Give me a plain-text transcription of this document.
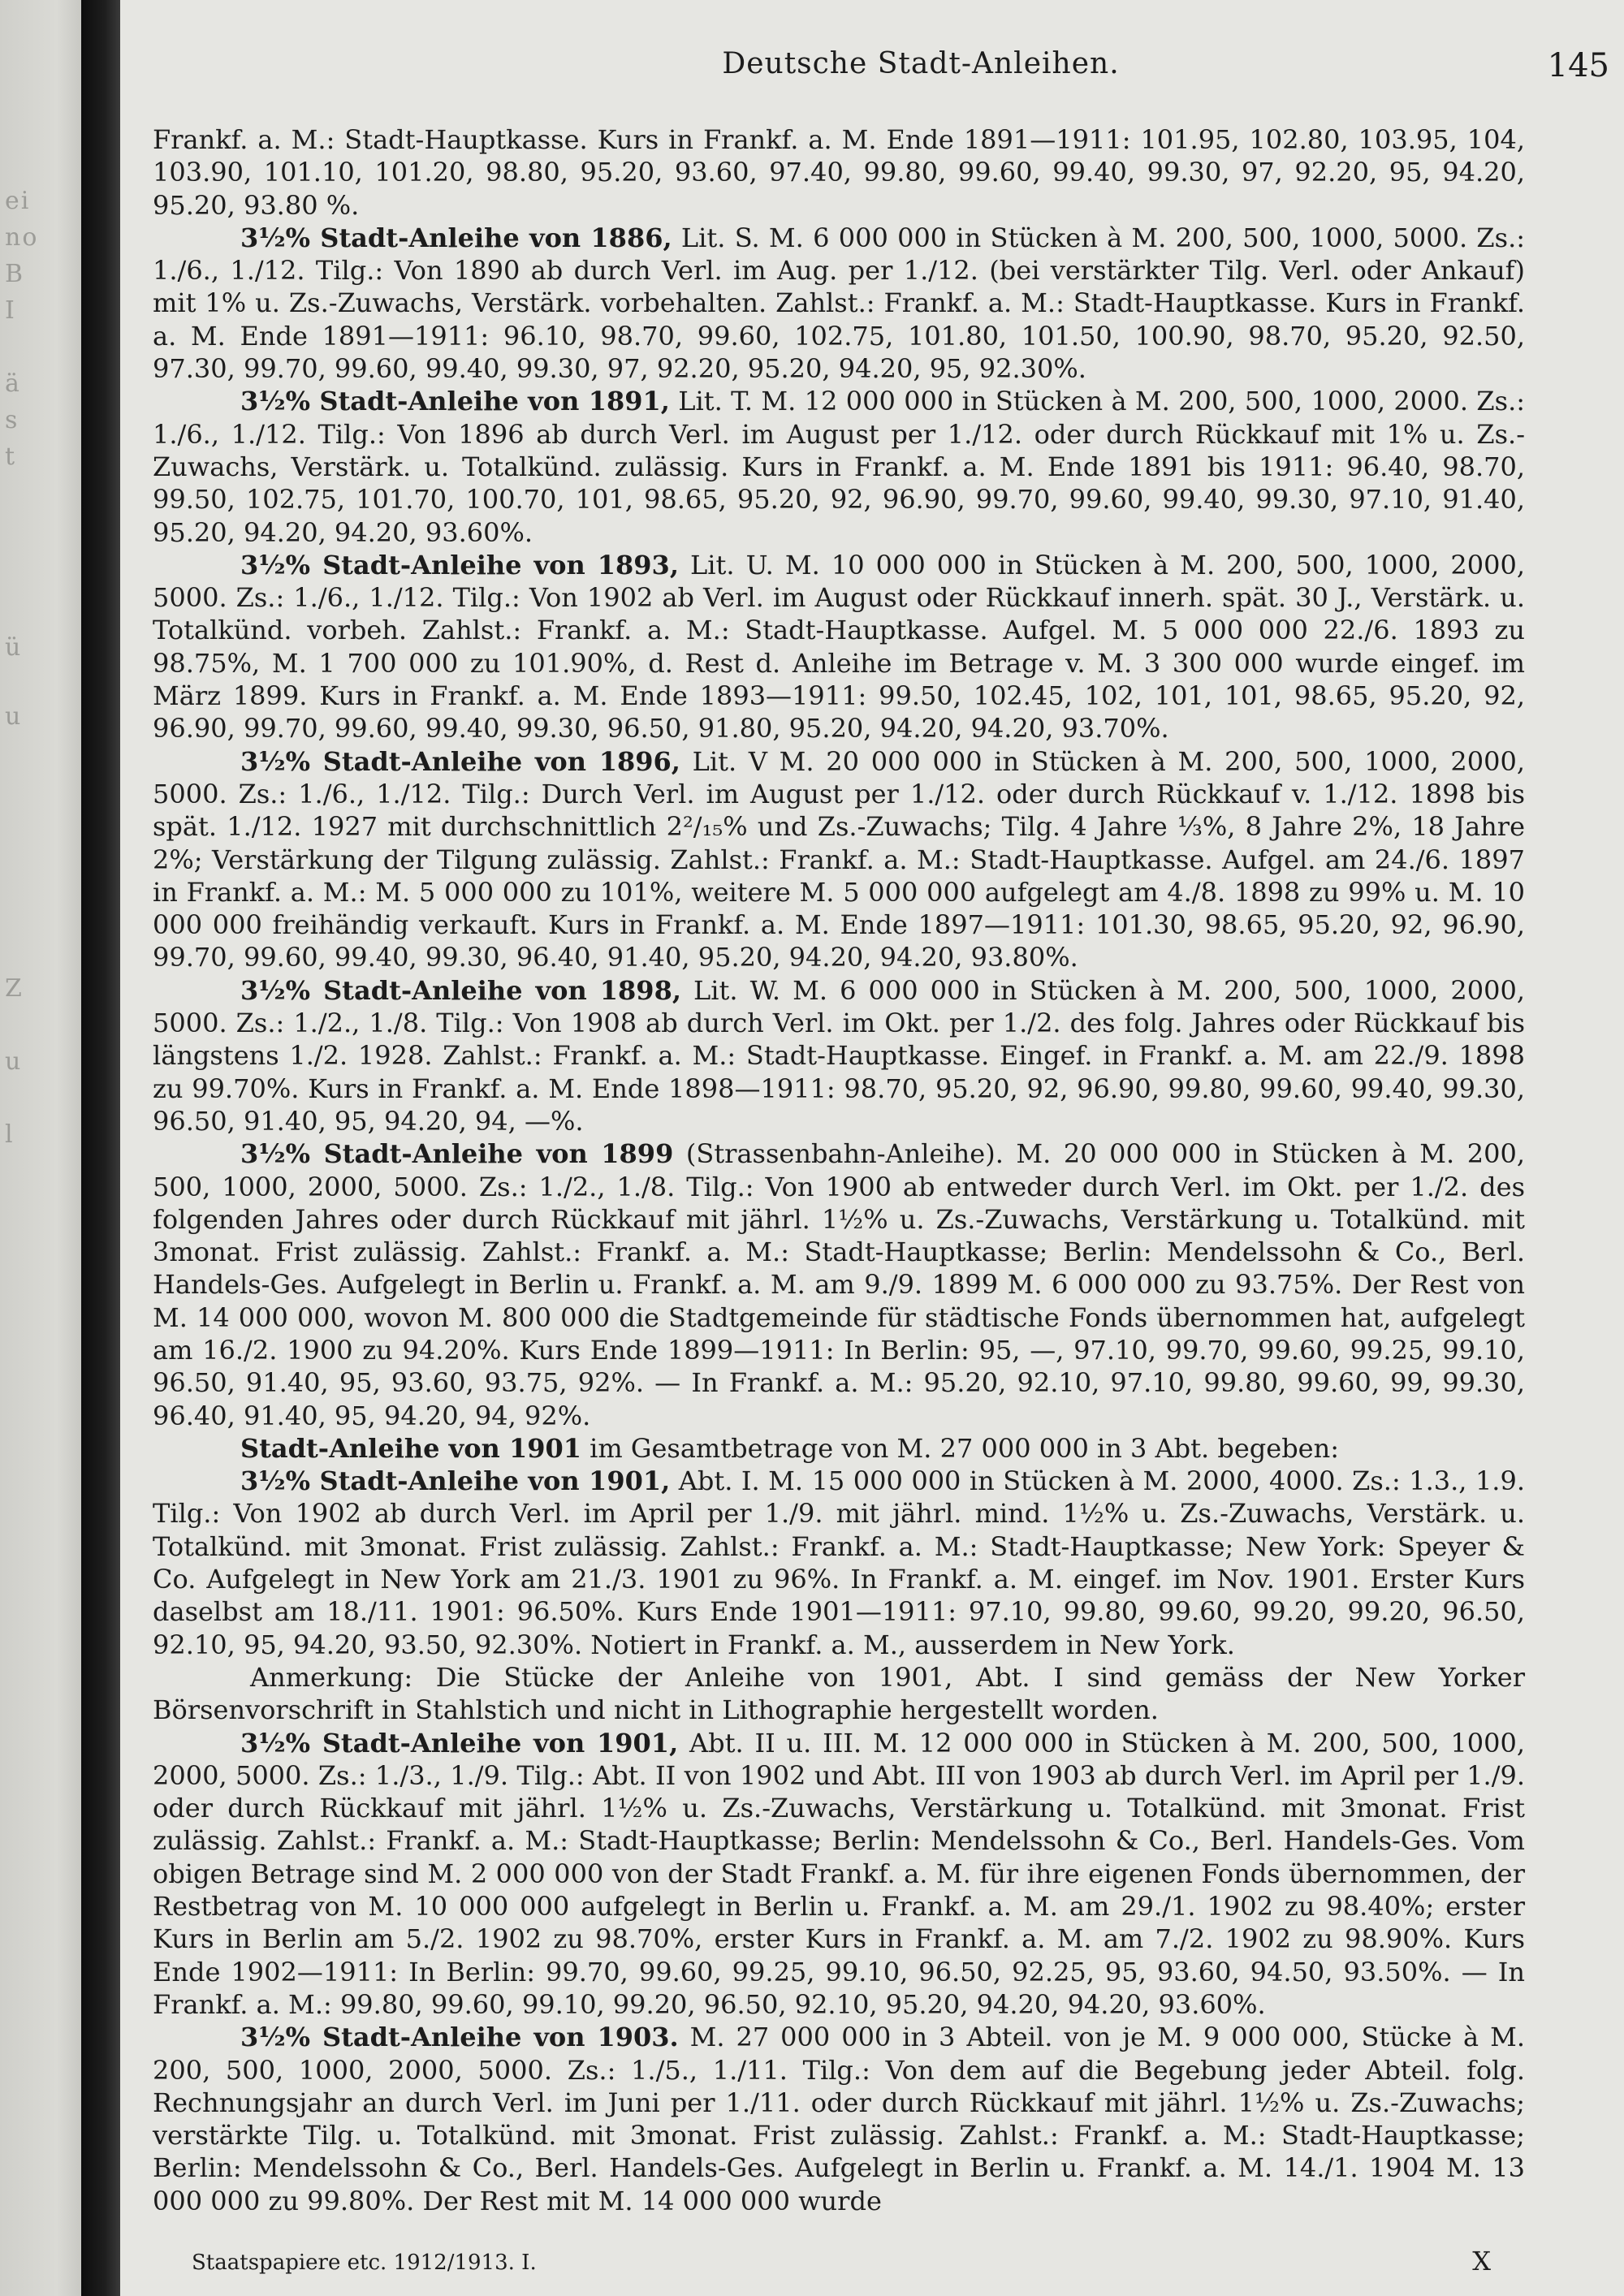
ei
no
B
I
ä
s
t
ü
u
Z
u
l
Deutsche Stadt-Anleihen.	145

Frankf. a. M.: Stadt-Hauptkasse. Kurs in Frankf. a. M. Ende 1891—1911: 101.95, 102.80, 103.95, 104, 103.90, 101.10, 101.20, 98.80, 95.20, 93.60, 97.40, 99.80, 99.60, 99.40, 99.30, 97, 92.20, 95, 94.20, 95.20, 93.80 %.

3½% Stadt-Anleihe von 1886, Lit. S. M. 6 000 000 in Stücken à M. 200, 500, 1000, 5000. Zs.: 1./6., 1./12. Tilg.: Von 1890 ab durch Verl. im Aug. per 1./12. (bei verstärkter Tilg. Verl. oder Ankauf) mit 1% u. Zs.-Zuwachs, Verstärk. vorbehalten. Zahlst.: Frankf. a. M.: Stadt-Hauptkasse. Kurs in Frankf. a. M. Ende 1891—1911: 96.10, 98.70, 99.60, 102.75, 101.80, 101.50, 100.90, 98.70, 95.20, 92.50, 97.30, 99.70, 99.60, 99.40, 99.30, 97, 92.20, 95.20, 94.20, 95, 92.30%.

3½% Stadt-Anleihe von 1891, Lit. T. M. 12 000 000 in Stücken à M. 200, 500, 1000, 2000. Zs.: 1./6., 1./12. Tilg.: Von 1896 ab durch Verl. im August per 1./12. oder durch Rückkauf mit 1% u. Zs.-Zuwachs, Verstärk. u. Totalkünd. zulässig. Kurs in Frankf. a. M. Ende 1891 bis 1911: 96.40, 98.70, 99.50, 102.75, 101.70, 100.70, 101, 98.65, 95.20, 92, 96.90, 99.70, 99.60, 99.40, 99.30, 97.10, 91.40, 95.20, 94.20, 94.20, 93.60%.

3½% Stadt-Anleihe von 1893, Lit. U. M. 10 000 000 in Stücken à M. 200, 500, 1000, 2000, 5000. Zs.: 1./6., 1./12. Tilg.: Von 1902 ab Verl. im August oder Rückkauf innerh. spät. 30 J., Verstärk. u. Totalkünd. vorbeh. Zahlst.: Frankf. a. M.: Stadt-Hauptkasse. Aufgel. M. 5 000 000 22./6. 1893 zu 98.75%, M. 1 700 000 zu 101.90%, d. Rest d. Anleihe im Betrage v. M. 3 300 000 wurde eingef. im März 1899. Kurs in Frankf. a. M. Ende 1893—1911: 99.50, 102.45, 102, 101, 101, 98.65, 95.20, 92, 96.90, 99.70, 99.60, 99.40, 99.30, 96.50, 91.80, 95.20, 94.20, 94.20, 93.70%.

3½% Stadt-Anleihe von 1896, Lit. V M. 20 000 000 in Stücken à M. 200, 500, 1000, 2000, 5000. Zs.: 1./6., 1./12. Tilg.: Durch Verl. im August per 1./12. oder durch Rückkauf v. 1./12. 1898 bis spät. 1./12. 1927 mit durchschnittlich 2²/₁₅% und Zs.-Zuwachs; Tilg. 4 Jahre ⅓%, 8 Jahre 2%, 18 Jahre 2%; Verstärkung der Tilgung zulässig. Zahlst.: Frankf. a. M.: Stadt-Hauptkasse. Aufgel. am 24./6. 1897 in Frankf. a. M.: M. 5 000 000 zu 101%, weitere M. 5 000 000 aufgelegt am 4./8. 1898 zu 99% u. M. 10 000 000 freihändig verkauft. Kurs in Frankf. a. M. Ende 1897—1911: 101.30, 98.65, 95.20, 92, 96.90, 99.70, 99.60, 99.40, 99.30, 96.40, 91.40, 95.20, 94.20, 94.20, 93.80%.

3½% Stadt-Anleihe von 1898, Lit. W. M. 6 000 000 in Stücken à M. 200, 500, 1000, 2000, 5000. Zs.: 1./2., 1./8. Tilg.: Von 1908 ab durch Verl. im Okt. per 1./2. des folg. Jahres oder Rückkauf bis längstens 1./2. 1928. Zahlst.: Frankf. a. M.: Stadt-Hauptkasse. Eingef. in Frankf. a. M. am 22./9. 1898 zu 99.70%. Kurs in Frankf. a. M. Ende 1898—1911: 98.70, 95.20, 92, 96.90, 99.80, 99.60, 99.40, 99.30, 96.50, 91.40, 95, 94.20, 94, —%.

3½% Stadt-Anleihe von 1899 (Strassenbahn-Anleihe). M. 20 000 000 in Stücken à M. 200, 500, 1000, 2000, 5000. Zs.: 1./2., 1./8. Tilg.: Von 1900 ab entweder durch Verl. im Okt. per 1./2. des folgenden Jahres oder durch Rückkauf mit jährl. 1½% u. Zs.-Zuwachs, Verstärkung u. Totalkünd. mit 3monat. Frist zulässig. Zahlst.: Frankf. a. M.: Stadt-Hauptkasse; Berlin: Mendelssohn & Co., Berl. Handels-Ges. Aufgelegt in Berlin u. Frankf. a. M. am 9./9. 1899 M. 6 000 000 zu 93.75%. Der Rest von M. 14 000 000, wovon M. 800 000 die Stadtgemeinde für städtische Fonds übernommen hat, aufgelegt am 16./2. 1900 zu 94.20%. Kurs Ende 1899—1911: In Berlin: 95, —, 97.10, 99.70, 99.60, 99.25, 99.10, 96.50, 91.40, 95, 93.60, 93.75, 92%. — In Frankf. a. M.: 95.20, 92.10, 97.10, 99.80, 99.60, 99, 99.30, 96.40, 91.40, 95, 94.20, 94, 92%.

Stadt-Anleihe von 1901 im Gesamtbetrage von M. 27 000 000 in 3 Abt. begeben:

3½% Stadt-Anleihe von 1901, Abt. I. M. 15 000 000 in Stücken à M. 2000, 4000. Zs.: 1.3., 1.9. Tilg.: Von 1902 ab durch Verl. im April per 1./9. mit jährl. mind. 1½% u. Zs.-Zuwachs, Verstärk. u. Totalkünd. mit 3monat. Frist zulässig. Zahlst.: Frankf. a. M.: Stadt-Hauptkasse; New York: Speyer & Co. Aufgelegt in New York am 21./3. 1901 zu 96%. In Frankf. a. M. eingef. im Nov. 1901. Erster Kurs daselbst am 18./11. 1901: 96.50%. Kurs Ende 1901—1911: 97.10, 99.80, 99.60, 99.20, 99.20, 96.50, 92.10, 95, 94.20, 93.50, 92.30%. Notiert in Frankf. a. M., ausserdem in New York.

Anmerkung: Die Stücke der Anleihe von 1901, Abt. I sind gemäss der New Yorker Börsenvorschrift in Stahlstich und nicht in Lithographie hergestellt worden.

3½% Stadt-Anleihe von 1901, Abt. II u. III. M. 12 000 000 in Stücken à M. 200, 500, 1000, 2000, 5000. Zs.: 1./3., 1./9. Tilg.: Abt. II von 1902 und Abt. III von 1903 ab durch Verl. im April per 1./9. oder durch Rückkauf mit jährl. 1½% u. Zs.-Zuwachs, Verstärkung u. Totalkünd. mit 3monat. Frist zulässig. Zahlst.: Frankf. a. M.: Stadt-Hauptkasse; Berlin: Mendelssohn & Co., Berl. Handels-Ges. Vom obigen Betrage sind M. 2 000 000 von der Stadt Frankf. a. M. für ihre eigenen Fonds übernommen, der Restbetrag von M. 10 000 000 aufgelegt in Berlin u. Frankf. a. M. am 29./1. 1902 zu 98.40%; erster Kurs in Berlin am 5./2. 1902 zu 98.70%, erster Kurs in Frankf. a. M. am 7./2. 1902 zu 98.90%. Kurs Ende 1902—1911: In Berlin: 99.70, 99.60, 99.25, 99.10, 96.50, 92.25, 95, 93.60, 94.50, 93.50%. — In Frankf. a. M.: 99.80, 99.60, 99.10, 99.20, 96.50, 92.10, 95.20, 94.20, 94.20, 93.60%.

3½% Stadt-Anleihe von 1903. M. 27 000 000 in 3 Abteil. von je M. 9 000 000, Stücke à M. 200, 500, 1000, 2000, 5000. Zs.: 1./5., 1./11. Tilg.: Von dem auf die Begebung jeder Abteil. folg. Rechnungsjahr an durch Verl. im Juni per 1./11. oder durch Rückkauf mit jährl. 1½% u. Zs.-Zuwachs; verstärkte Tilg. u. Totalkünd. mit 3monat. Frist zulässig. Zahlst.: Frankf. a. M.: Stadt-Hauptkasse; Berlin: Mendelssohn & Co., Berl. Handels-Ges. Aufgelegt in Berlin u. Frankf. a. M. 14./1. 1904 M. 13 000 000 zu 99.80%. Der Rest mit M. 14 000 000 wurde

Staatspapiere etc. 1912/1913. I.	X
